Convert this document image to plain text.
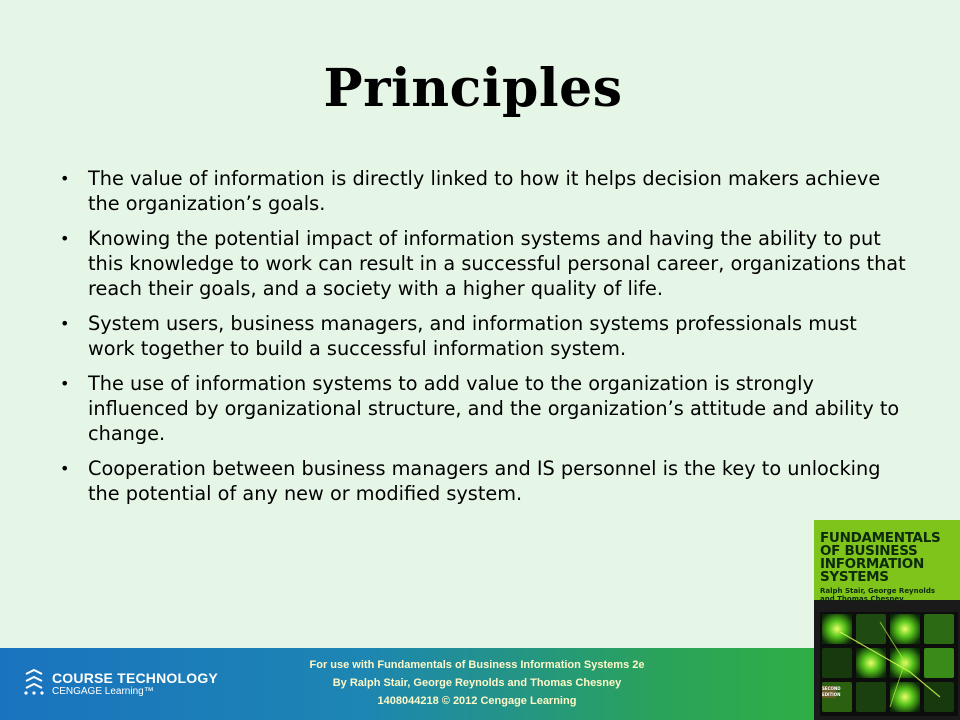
Principles
• The value of information is directly linked to how it helps decision makers achieve the organization’s goals.
• Knowing the potential impact of information systems and having the ability to put this knowledge to work can result in a successful personal career, organizations that reach their goals, and a society with a higher quality of life.
• System users, business managers, and information systems professionals must work together to build a successful information system.
• The use of information systems to add value to the organization is strongly influenced by organizational structure, and the organization’s attitude and ability to change.
• Cooperation between business managers and IS personnel is the key to unlocking the potential of any new or modified system.
COURSE TECHNOLOGY
CENGAGE Learning™
For use with Fundamentals of Business Information Systems 2e
By Ralph Stair, George Reynolds and Thomas Chesney
1408044218 © 2012 Cengage Learning
FUNDAMENTALS OF BUSINESS INFORMATION SYSTEMS
Ralph Stair, George Reynolds
and Thomas Chesney
SECOND EDITION
